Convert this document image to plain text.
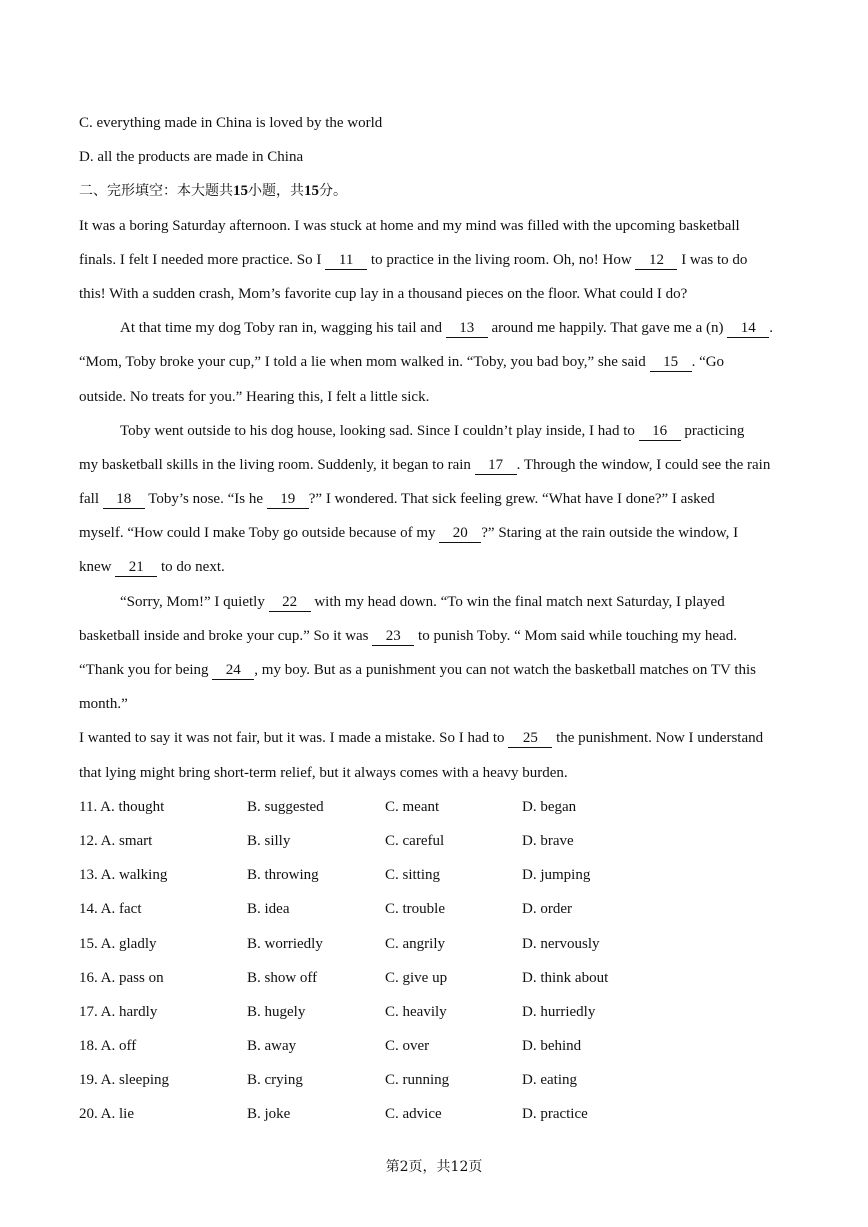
C. everything made in China is loved by the world
D. all the products are made in China
二、完形填空：本大题共15小题，共15分。
It was a boring Saturday afternoon. I was stuck at home and my mind was filled with the upcoming basketball
finals. I felt I needed more practice. So I 11 to practice in the living room. Oh, no! How 12 I was to do
this! With a sudden crash, Mom’s favorite cup lay in a thousand pieces on the floor. What could I do?
At that time my dog Toby ran in, wagging his tail and 13 around me happily. That gave me a (n) 14 .
“Mom, Toby broke your cup,” I told a lie when mom walked in. “Toby, you bad boy,” she said 15 . “Go
outside. No treats for you.” Hearing this, I felt a little sick.
Toby went outside to his dog house, looking sad. Since I couldn’t play inside, I had to 16 practicing
my basketball skills in the living room. Suddenly, it began to rain 17 . Through the window, I could see the rain
fall 18 Toby’s nose. “Is he 19 ?” I wondered. That sick feeling grew. “What have I done?” I asked
myself. “How could I make Toby go outside because of my 20 ?” Staring at the rain outside the window, I
knew 21 to do next.
“Sorry, Mom!” I quietly 22 with my head down. “To win the final match next Saturday, I played
basketball inside and broke your cup.” So it was 23 to punish Toby. “ Mom said while touching my head.
“Thank you for being 24 , my boy. But as a punishment you can not watch the basketball matches on TV this
month.”
I wanted to say it was not fair, but it was. I made a mistake. So I had to 25 the punishment. Now I understand
that lying might bring short-term relief, but it always comes with a heavy burden.
11. A. thought	B. suggested	C. meant	D. began
12. A. smart	B. silly	C. careful	D. brave
13. A. walking	B. throwing	C. sitting	D. jumping
14. A. fact	B. idea	C. trouble	D. order
15. A. gladly	B. worriedly	C. angrily	D. nervously
16. A. pass on	B. show off	C. give up	D. think about
17. A. hardly	B. hugely	C. heavily	D. hurriedly
18. A. off	B. away	C. over	D. behind
19. A. sleeping	B. crying	C. running	D. eating
20. A. lie	B. joke	C. advice	D. practice
第2页，共12页
